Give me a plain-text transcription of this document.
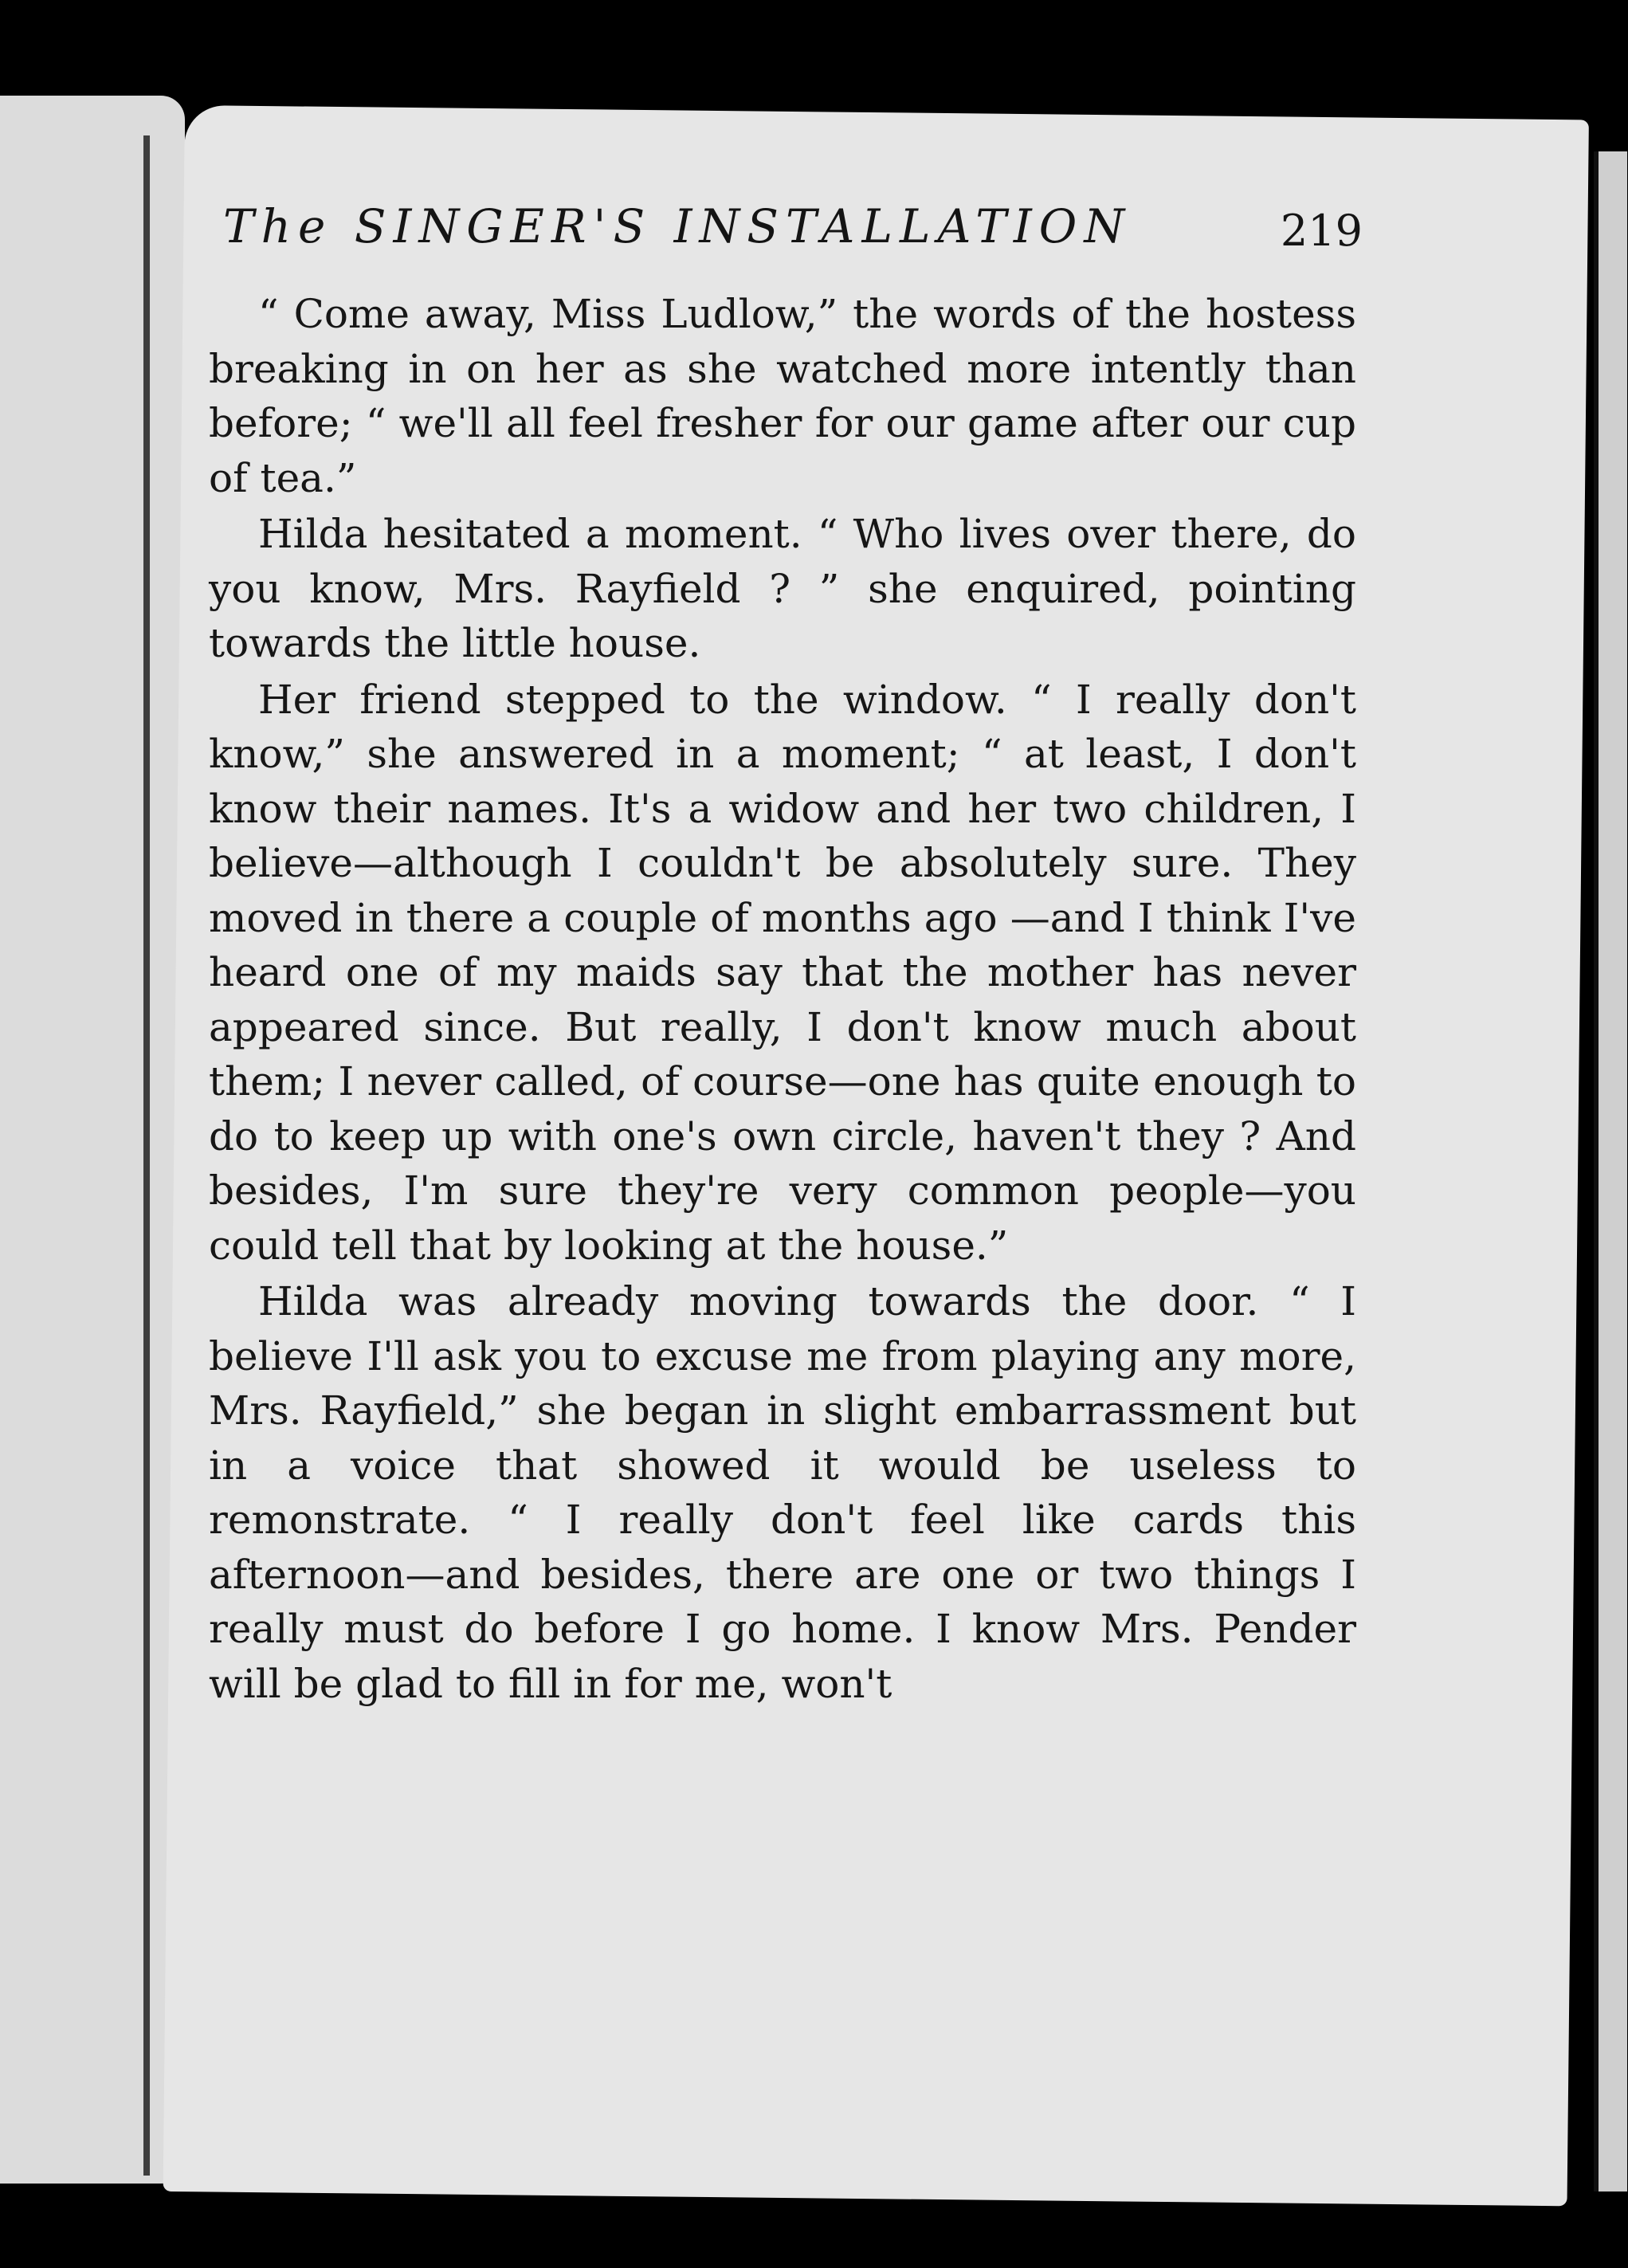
The SINGER'S INSTALLATION	219

“ Come away, Miss Ludlow,” the words of the hostess breaking in on her as she watched more intently than before; “ we'll all feel fresher for our game after our cup of tea.”

Hilda hesitated a moment. “ Who lives over there, do you know, Mrs. Rayfield ? ” she enquired, pointing towards the little house.

Her friend stepped to the window. “ I really don't know,” she answered in a moment; “ at least, I don't know their names. It's a widow and her two children, I believe—although I couldn't be absolutely sure. They moved in there a couple of months ago —and I think I've heard one of my maids say that the mother has never appeared since. But really, I don't know much about them; I never called, of course—one has quite enough to do to keep up with one's own circle, haven't they ? And besides, I'm sure they're very common people—you could tell that by looking at the house.”

Hilda was already moving towards the door. “ I believe I'll ask you to excuse me from playing any more, Mrs. Rayfield,” she began in slight embarrassment but in a voice that showed it would be useless to remonstrate. “ I really don't feel like cards this afternoon—and besides, there are one or two things I really must do before I go home. I know Mrs. Pender will be glad to fill in for me, won't
